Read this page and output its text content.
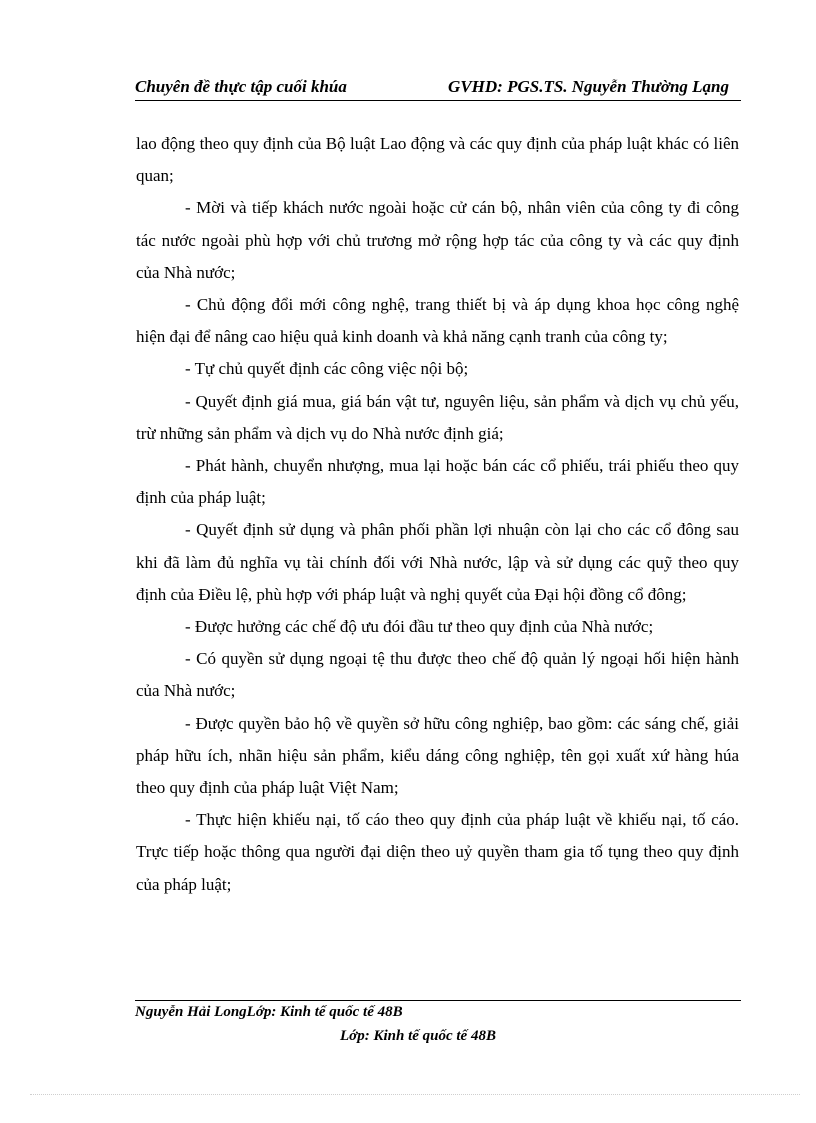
Chuyên đề thực tập cuối khúa	GVHD: PGS.TS. Nguyễn Thường Lạng

lao động theo quy định của Bộ luật Lao động và các quy định của pháp luật khác có liên quan;

- Mời và tiếp khách nước ngoài hoặc cử cán bộ, nhân viên của công ty đi công tác nước ngoài phù hợp với chủ trương mở rộng hợp tác của công ty và các quy định của Nhà nước;

- Chủ động đổi mới công nghệ, trang thiết bị và áp dụng khoa học công nghệ hiện đại để nâng cao hiệu quả kinh doanh và khả năng cạnh tranh của công ty;

- Tự chủ quyết định các công việc nội bộ;

- Quyết định giá mua, giá bán vật tư, nguyên liệu, sản phẩm và dịch vụ chủ yếu, trừ những sản phẩm và dịch vụ do Nhà nước định giá;

- Phát hành, chuyển nhượng, mua lại hoặc bán các cổ phiếu, trái phiếu theo quy định của pháp luật;

- Quyết định sử dụng và phân phối phần lợi nhuận còn lại cho các cổ đông sau khi đã làm đủ nghĩa vụ tài chính đối với Nhà nước, lập và sử dụng các quỹ theo quy định của Điều lệ, phù hợp với pháp luật và nghị quyết của Đại hội đồng cổ đông;

- Được hưởng các chế độ ưu đói đầu tư theo quy định của Nhà nước;

- Có quyền sử dụng ngoại tệ thu được theo chế độ quản lý ngoại hối hiện hành của Nhà nước;

- Được quyền bảo hộ về quyền sở hữu công nghiệp, bao gồm: các sáng chế, giải pháp hữu ích, nhãn hiệu sản phẩm, kiểu dáng công nghiệp, tên gọi xuất xứ hàng húa theo quy định của pháp luật Việt Nam;

- Thực hiện khiếu nại, tố cáo theo quy định của pháp luật về khiếu nại, tố cáo. Trực tiếp hoặc thông qua người đại diện theo uỷ quyền tham gia tố tụng theo quy định của pháp luật;

Nguyễn Hải LongLớp: Kinh tế quốc tế 48B
Lớp: Kinh tế quốc tế 48B
